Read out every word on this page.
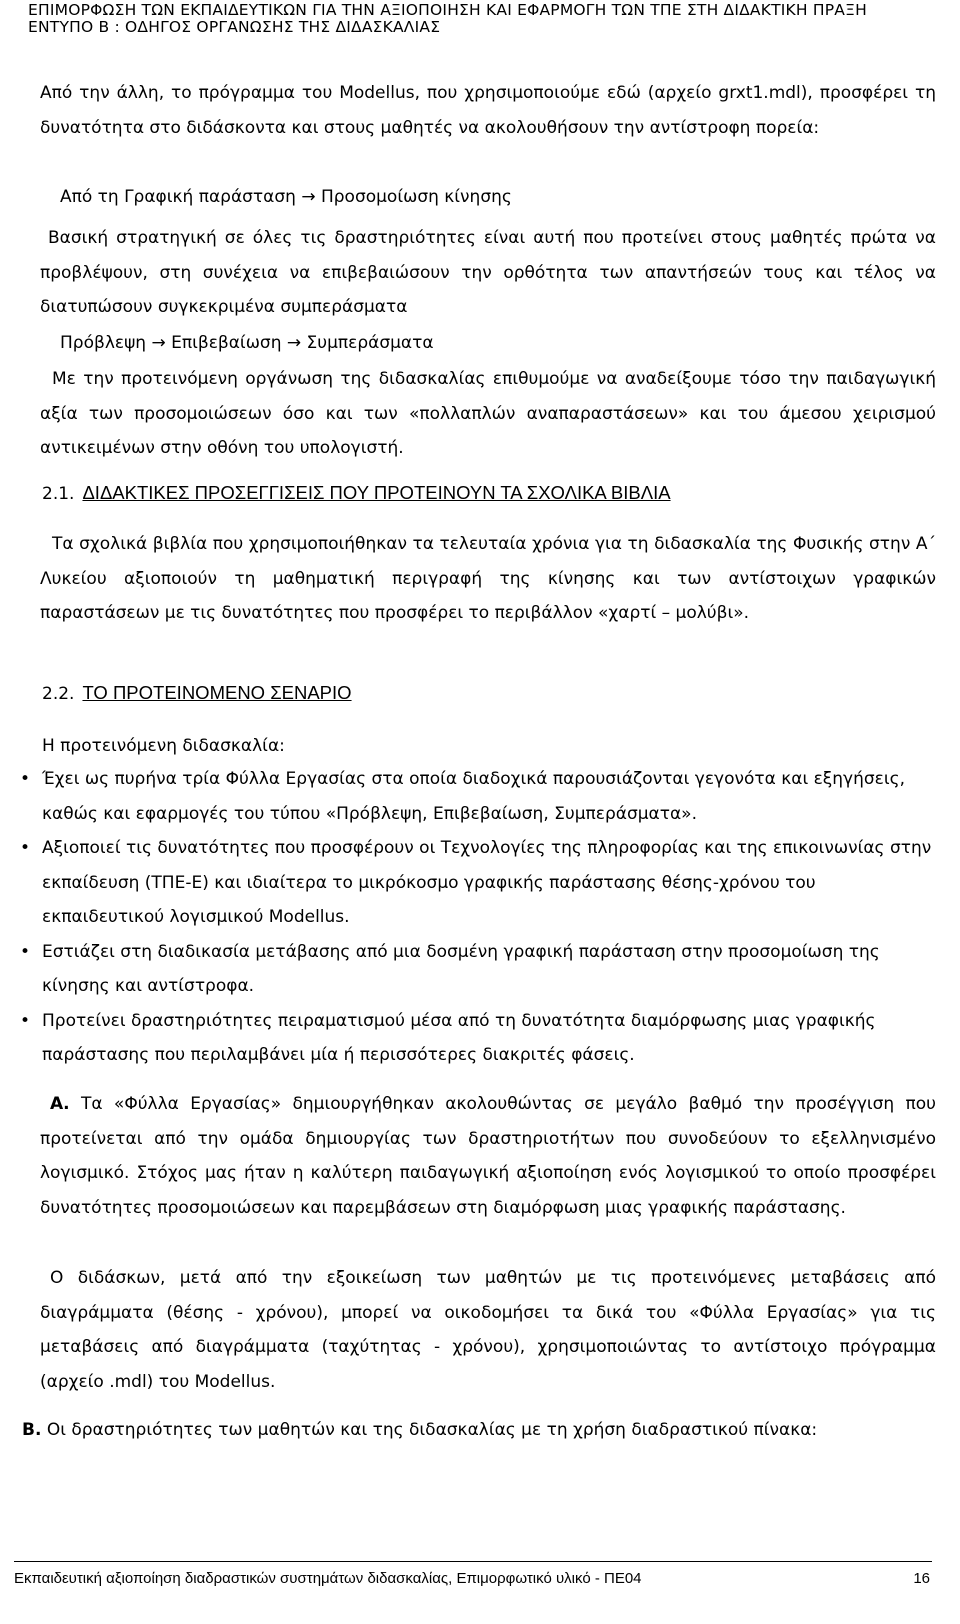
ΕΠΙΜΟΡΦΩΣΗ ΤΩΝ ΕΚΠΑΙΔΕΥΤΙΚΩΝ ΓΙΑ ΤΗΝ ΑΞΙΟΠΟΙΗΣΗ ΚΑΙ ΕΦΑΡΜΟΓΗ ΤΩΝ ΤΠΕ ΣΤΗ ΔΙΔΑΚΤΙΚΗ ΠΡΑΞΗ
ΕΝΤΥΠΟ Β : ΟΔΗΓΟΣ ΟΡΓΑΝΩΣΗΣ ΤΗΣ ΔΙΔΑΣΚΑΛΙΑΣ
Από την άλλη, το πρόγραμμα του Modellus, που χρησιμοποιούμε εδώ (αρχείο grxt1.mdl), προσφέρει τη δυνατότητα στο διδάσκοντα και στους μαθητές να ακολουθήσουν την αντίστροφη πορεία:
Από τη Γραφική παράσταση → Προσομοίωση κίνησης
Βασική στρατηγική σε όλες τις δραστηριότητες είναι αυτή που προτείνει στους μαθητές πρώτα να προβλέψουν, στη συνέχεια να επιβεβαιώσουν την ορθότητα των απαντήσεών τους και τέλος να διατυπώσουν συγκεκριμένα συμπεράσματα
Πρόβλεψη → Επιβεβαίωση → Συμπεράσματα
Με την προτεινόμενη οργάνωση της διδασκαλίας επιθυμούμε να αναδείξουμε τόσο την παιδαγωγική αξία των προσομοιώσεων όσο και των «πολλαπλών αναπαραστάσεων» και του άμεσου χειρισμού αντικειμένων στην οθόνη του υπολογιστή.
2.1. ΔΙΔΑΚΤΙΚΕΣ ΠΡΟΣΕΓΓΙΣΕΙΣ ΠΟΥ ΠΡΟΤΕΙΝΟΥΝ ΤΑ ΣΧΟΛΙΚΑ ΒΙΒΛΙΑ
Τα σχολικά βιβλία που χρησιμοποιήθηκαν τα τελευταία χρόνια για τη διδασκαλία της Φυσικής στην Α΄ Λυκείου αξιοποιούν τη μαθηματική περιγραφή της κίνησης και των αντίστοιχων γραφικών παραστάσεων με τις δυνατότητες που προσφέρει το περιβάλλον «χαρτί – μολύβι».
2.2. ΤΟ ΠΡΟΤΕΙΝΟΜΕΝΟ ΣΕΝΑΡΙΟ
Η προτεινόμενη διδασκαλία:
• Έχει ως πυρήνα τρία Φύλλα Εργασίας στα οποία διαδοχικά παρουσιάζονται γεγονότα και εξηγήσεις, καθώς και εφαρμογές του τύπου «Πρόβλεψη, Επιβεβαίωση, Συμπεράσματα».
• Αξιοποιεί τις δυνατότητες που προσφέρουν οι Τεχνολογίες της πληροφορίας και της επικοινωνίας στην εκπαίδευση (ΤΠΕ-Ε) και ιδιαίτερα το μικρόκοσμο γραφικής παράστασης θέσης-χρόνου του εκπαιδευτικού λογισμικού Modellus.
• Εστιάζει στη διαδικασία μετάβασης από μια δοσμένη γραφική παράσταση στην προσομοίωση της κίνησης και αντίστροφα.
• Προτείνει δραστηριότητες πειραματισμού μέσα από τη δυνατότητα διαμόρφωσης μιας γραφικής παράστασης που περιλαμβάνει μία ή περισσότερες διακριτές φάσεις.
Α. Τα «Φύλλα Εργασίας» δημιουργήθηκαν ακολουθώντας σε μεγάλο βαθμό την προσέγγιση που προτείνεται από την ομάδα δημιουργίας των δραστηριοτήτων που συνοδεύουν το εξελληνισμένο λογισμικό. Στόχος μας ήταν η καλύτερη παιδαγωγική αξιοποίηση ενός λογισμικού το οποίο προσφέρει δυνατότητες προσομοιώσεων και παρεμβάσεων στη διαμόρφωση μιας γραφικής παράστασης.
Ο διδάσκων, μετά από την εξοικείωση των μαθητών με τις προτεινόμενες μεταβάσεις από διαγράμματα (θέσης - χρόνου), μπορεί να οικοδομήσει τα δικά του «Φύλλα Εργασίας» για τις μεταβάσεις από διαγράμματα (ταχύτητας - χρόνου), χρησιμοποιώντας το αντίστοιχο πρόγραμμα (αρχείο .mdl) του Modellus.
Β. Οι δραστηριότητες των μαθητών και της διδασκαλίας με τη χρήση διαδραστικού πίνακα:
Εκπαιδευτική αξιοποίηση διαδραστικών συστημάτων διδασκαλίας, Επιμορφωτικό υλικό - ΠΕ04	16
